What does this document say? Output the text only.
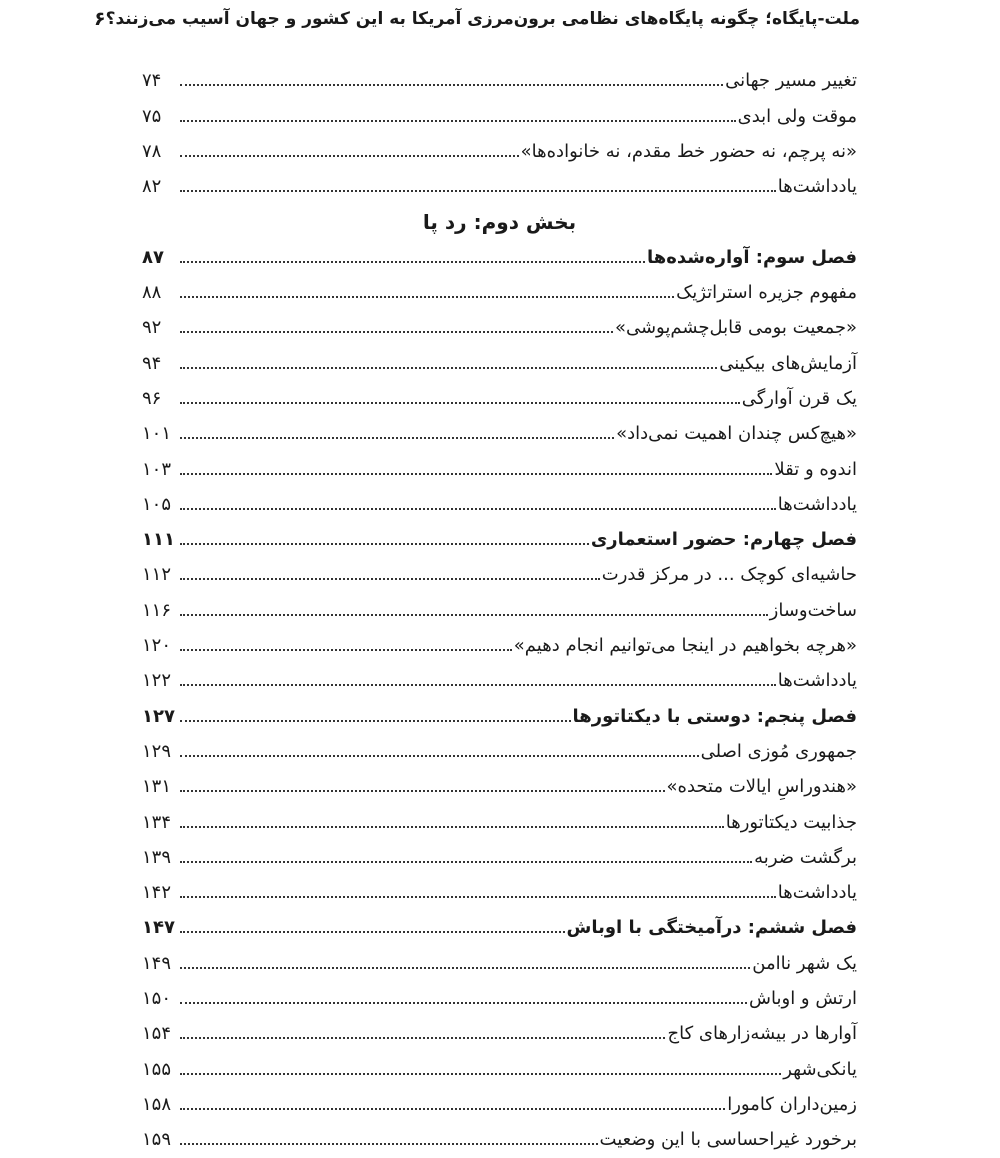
ملت-پایگاه؛ چگونه پایگاه‌های نظامی برون‌مرزی آمریکا به این کشور و جهان آسیب می‌زنند؟
۶
تغییر مسیر جهانی
۷۴
موقت ولی ابدی
۷۵
«نه پرچم، نه حضور خط مقدم، نه خانواده‌ها»
۷۸
یادداشت‌ها
۸۲
بخش دوم: رد پا
فصل سوم: آواره‌شده‌ها
۸۷
مفهوم جزیره استراتژیک
۸۸
«جمعیت بومی قابل‌چشم‌پوشی»
۹۲
آزمایش‌های بیکینی
۹۴
یک قرن آوارگی
۹۶
«هیچ‌کس چندان اهمیت نمی‌داد»
۱۰۱
اندوه و تقلا
۱۰۳
یادداشت‌ها
۱۰۵
فصل چهارم: حضور استعماری
۱۱۱
حاشیه‌ای کوچک ... در مرکز قدرت
۱۱۲
ساخت‌وساز
۱۱۶
«هرچه بخواهیم در اینجا می‌توانیم انجام دهیم»
۱۲۰
یادداشت‌ها
۱۲۲
فصل پنجم: دوستی با دیکتاتورها
۱۲۷
جمهوری مُوزی اصلی
۱۲۹
«هندوراسِ ایالات متحده»
۱۳۱
جذابیت دیکتاتورها
۱۳۴
برگشت ضربه
۱۳۹
یادداشت‌ها
۱۴۲
فصل ششم: درآمیختگی با اوباش
۱۴۷
یک شهر ناامن
۱۴۹
ارتش و اوباش
۱۵۰
آوارها در بیشه‌زارهای کاج
۱۵۴
یانکی‌شهر
۱۵۵
زمین‌داران کامورا
۱۵۸
برخورد غیراحساسی با این وضعیت
۱۵۹
